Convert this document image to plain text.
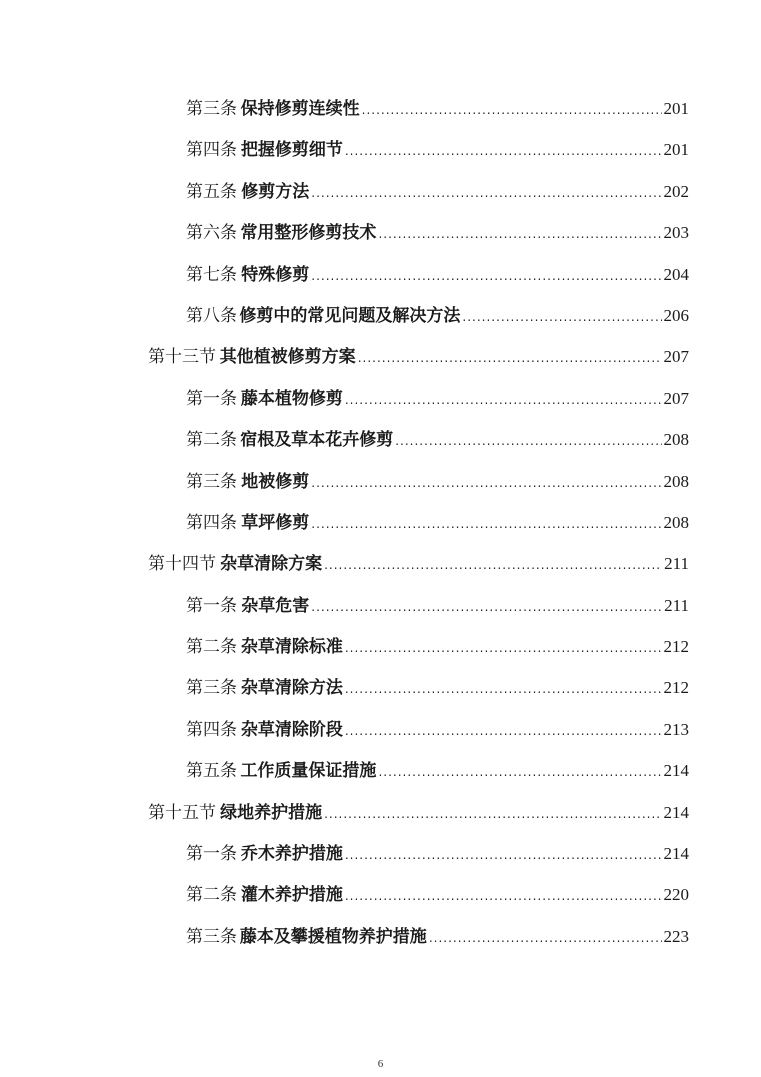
第三条 保持修剪连续性 .....	201
第四条 把握修剪细节 .....	201
第五条 修剪方法 .....	202
第六条 常用整形修剪技术 .....	203
第七条 特殊修剪 .....	204
第八条 修剪中的常见问题及解决方法 .....	206
第十三节 其他植被修剪方案 .....	207
第一条 藤本植物修剪 .....	207
第二条 宿根及草本花卉修剪 .....	208
第三条 地被修剪 .....	208
第四条 草坪修剪 .....	208
第十四节 杂草清除方案 .....	211
第一条 杂草危害 .....	211
第二条 杂草清除标准 .....	212
第三条 杂草清除方法 .....	212
第四条 杂草清除阶段 .....	213
第五条 工作质量保证措施 .....	214
第十五节 绿地养护措施 .....	214
第一条 乔木养护措施 .....	214
第二条 灌木养护措施 .....	220
第三条 藤本及攀援植物养护措施 .....	223
6
